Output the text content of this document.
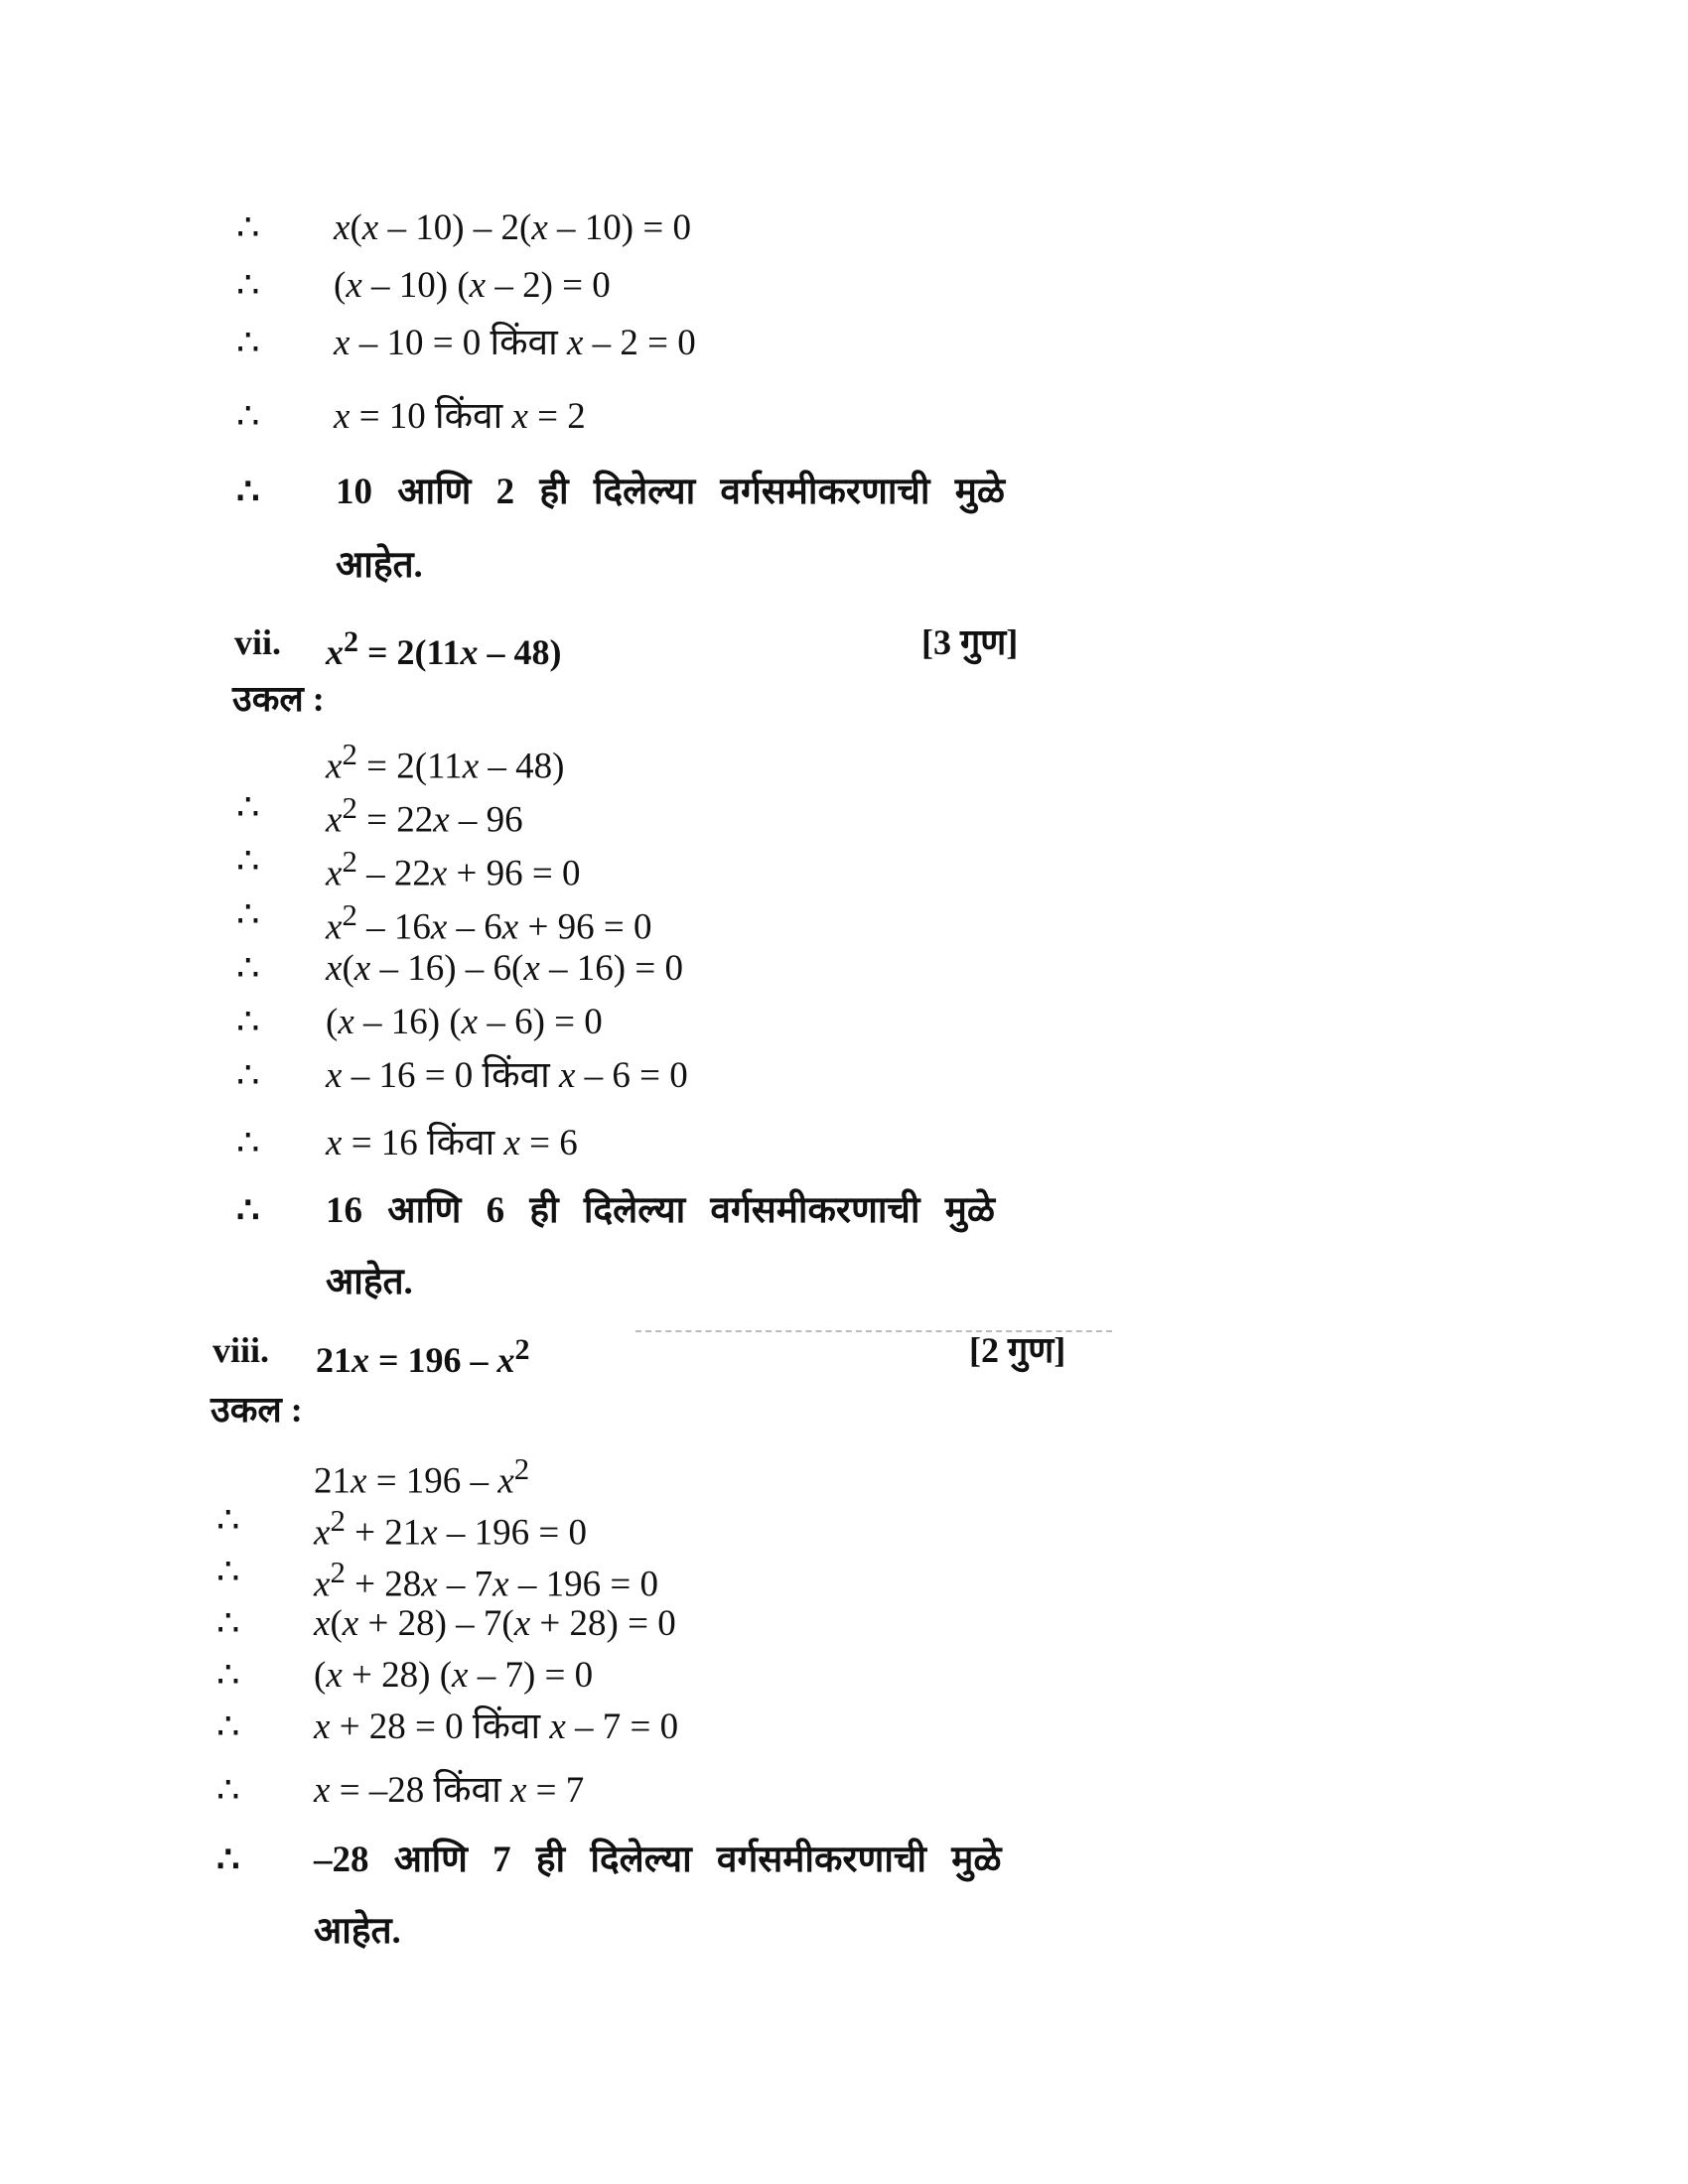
∴	x(x – 10) – 2(x – 10) = 0
∴	(x – 10) (x – 2) = 0
∴	x – 10 = 0 किंवा x – 2 = 0
∴	x = 10 किंवा x = 2
∴	10 आणि 2 ही दिलेल्या वर्गसमीकरणाची मुळे
आहेत.
vii. $x^2 = 2(11x - 48)$	[3 गुण]
उकल :
$x^2 = 2(11x - 48)$
∴	$x^2 = 22x - 96$
∴	$x^2 - 22x + 96 = 0$
∴	$x^2 - 16x - 6x + 96 = 0$
∴	x(x – 16) – 6(x – 16) = 0
∴	(x – 16) (x – 6) = 0
∴	x – 16 = 0 किंवा x – 6 = 0
∴	x = 16 किंवा x = 6
∴	16 आणि 6 ही दिलेल्या वर्गसमीकरणाची मुळे
आहेत.
viii. $21x = 196 - x^2$	[2 गुण]
उकल :
$21x = 196 - x^2$
∴	$x^2 + 21x - 196 = 0$
∴	$x^2 + 28x - 7x - 196 = 0$
∴	x(x + 28) – 7(x + 28) = 0
∴	(x + 28) (x – 7) = 0
∴	x + 28 = 0 किंवा x – 7 = 0
∴	x = –28 किंवा x = 7
∴	–28 आणि 7 ही दिलेल्या वर्गसमीकरणाची मुळे
आहेत.
